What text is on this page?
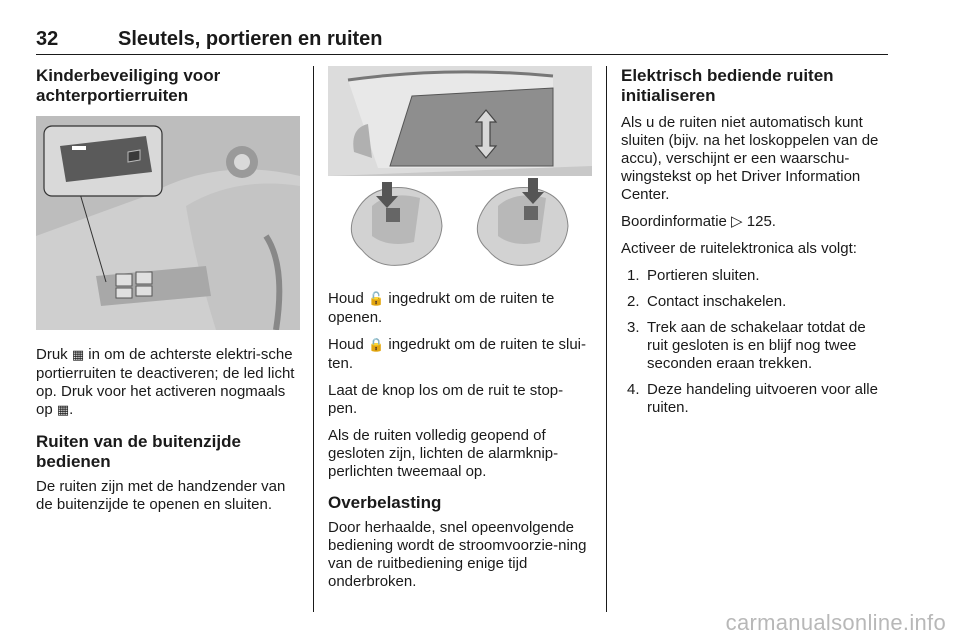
32	Sleutels, portieren en ruiten
Kinderbeveiliging voor achterportierruiten

Druk ▦ in om de achterste elektri-sche portierruiten te deactiveren; de led licht op. Druk voor het activeren nogmaals op ▦.

Ruiten van de buitenzijde bedienen

De ruiten zijn met de handzender van de buitenzijde te openen en sluiten.

Houd 🔓 ingedrukt om de ruiten te openen.

Houd 🔒 ingedrukt om de ruiten te slui-ten.

Laat de knop los om de ruit te stop-pen.

Als de ruiten volledig geopend of gesloten zijn, lichten de alarmknip-perlichten tweemaal op.

Overbelasting

Door herhaalde, snel opeenvolgende bediening wordt de stroomvoorzie-ning van de ruitbediening enige tijd onderbroken.

Elektrisch bediende ruiten initialiseren

Als u de ruiten niet automatisch kunt sluiten (bijv. na het loskoppelen van de accu), verschijnt er een waarschu-wingstekst op het Driver Information Center.

Boordinformatie ▷ 125.

Activeer de ruitelektronica als volgt:

1. Portieren sluiten.
2. Contact inschakelen.
3. Trek aan de schakelaar totdat de ruit gesloten is en blijf nog twee seconden eraan trekken.
4. Deze handeling uitvoeren voor alle ruiten.
carmanualsonline.info
